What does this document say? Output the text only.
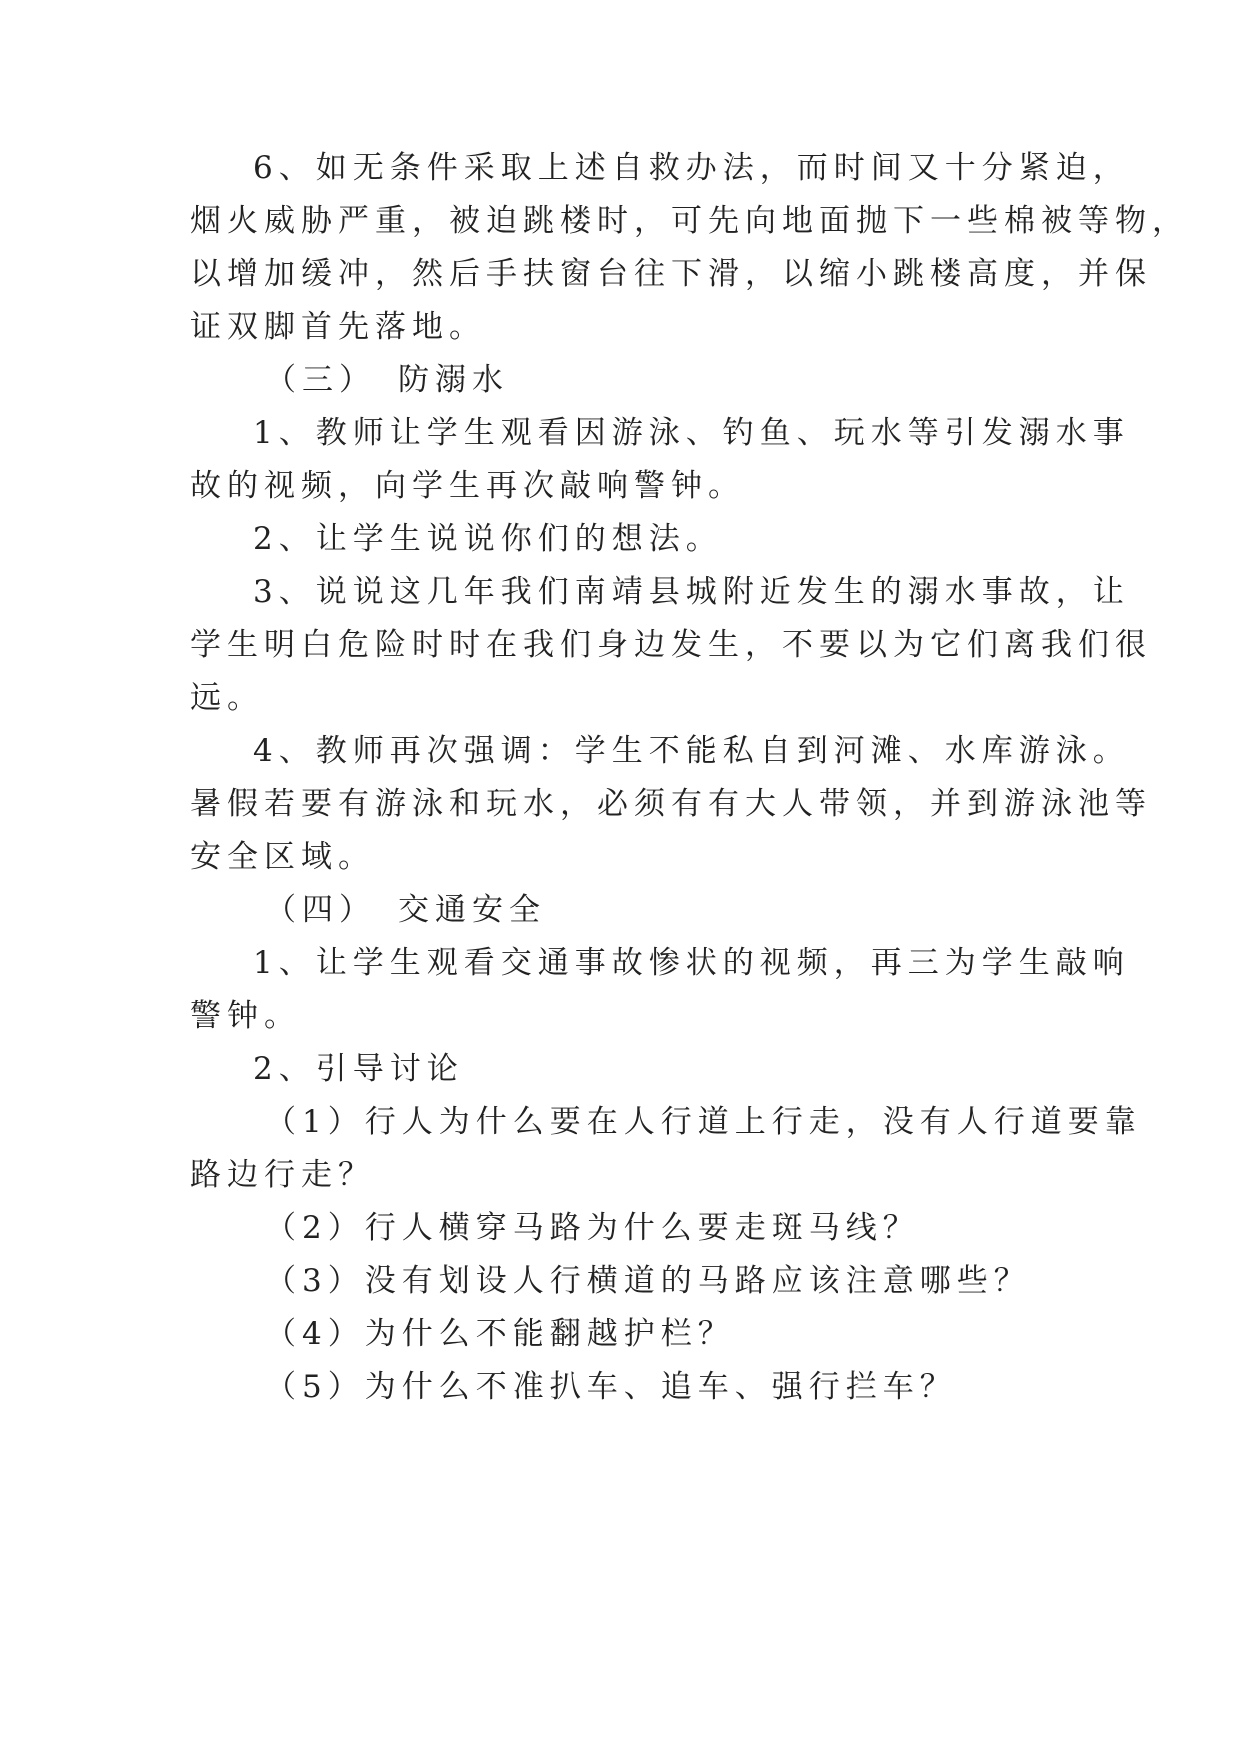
6、如无条件采取上述自救办法，而时间又十分紧迫，
烟火威胁严重，被迫跳楼时，可先向地面抛下一些棉被等物，
以增加缓冲，然后手扶窗台往下滑，以缩小跳楼高度，并保
证双脚首先落地。
（三） 防溺水
1、教师让学生观看因游泳、钓鱼、玩水等引发溺水事
故的视频，向学生再次敲响警钟。
2、让学生说说你们的想法。
3、说说这几年我们南靖县城附近发生的溺水事故，让
学生明白危险时时在我们身边发生，不要以为它们离我们很
远。
4、教师再次强调：学生不能私自到河滩、水库游泳。
暑假若要有游泳和玩水，必须有有大人带领，并到游泳池等
安全区域。
（四） 交通安全
1、让学生观看交通事故惨状的视频，再三为学生敲响
警钟。
2、引导讨论
（1）行人为什么要在人行道上行走，没有人行道要靠
路边行走？
（2）行人横穿马路为什么要走斑马线？
（3）没有划设人行横道的马路应该注意哪些？
（4）为什么不能翻越护栏？
（5）为什么不准扒车、追车、强行拦车？
